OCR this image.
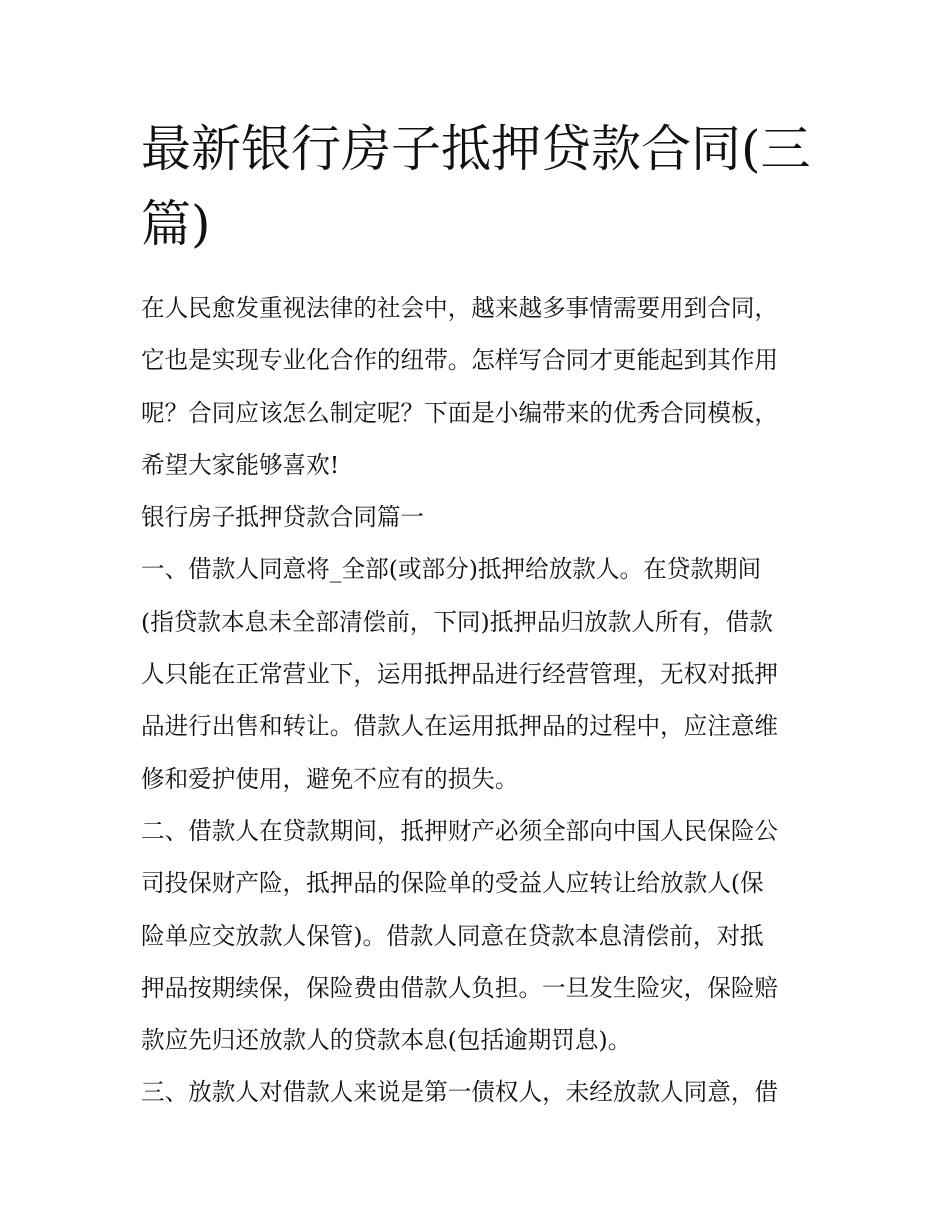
最新银行房子抵押贷款合同(三
篇)

在人民愈发重视法律的社会中，越来越多事情需要用到合同，
它也是实现专业化合作的纽带。怎样写合同才更能起到其作用
呢？合同应该怎么制定呢？下面是小编带来的优秀合同模板，
希望大家能够喜欢!

银行房子抵押贷款合同篇一

一、借款人同意将_全部(或部分)抵押给放款人。在贷款期间
(指贷款本息未全部清偿前，下同)抵押品归放款人所有，借款
人只能在正常营业下，运用抵押品进行经营管理，无权对抵押
品进行出售和转让。借款人在运用抵押品的过程中，应注意维
修和爱护使用，避免不应有的损失。

二、借款人在贷款期间，抵押财产必须全部向中国人民保险公
司投保财产险，抵押品的保险单的受益人应转让给放款人(保
险单应交放款人保管)。借款人同意在贷款本息清偿前，对抵
押品按期续保，保险费由借款人负担。一旦发生险灾，保险赔
款应先归还放款人的贷款本息(包括逾期罚息)。

三、放款人对借款人来说是第一债权人，未经放款人同意，借
